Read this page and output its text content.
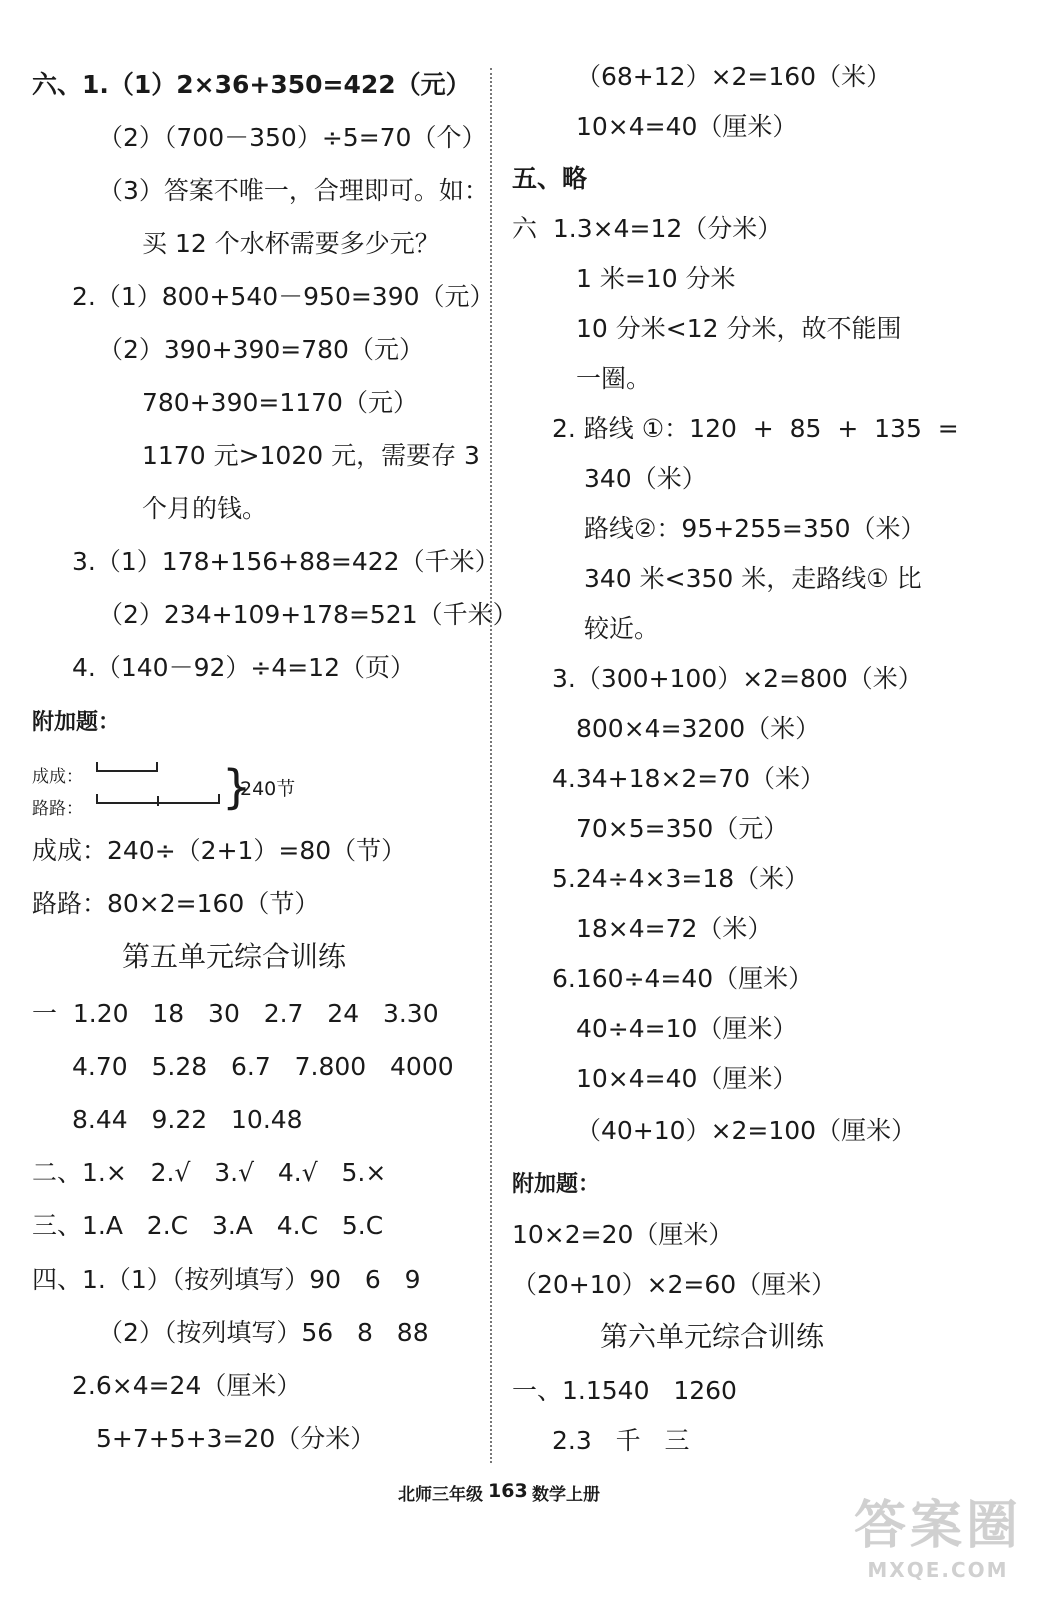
六、1.（1）2×36+350=422（元）
（2）（700－350）÷5=70（个）
（3）答案不唯一，合理即可。如：
买 12 个水杯需要多少元？
2.（1）800+540－950=390（元）
（2）390+390=780（元）
780+390=1170（元）
1170 元>1020 元，需要存 3
个月的钱。
3.（1）178+156+88=422（千米）
（2）234+109+178=521（千米）
4.（140－92）÷4=12（页）
附加题：
成成：
路路：	}
240节
成成：240÷（2+1）=80（节）
路路：80×2=160（节）
第五单元综合训练
一  1.20   18   30   2.7   24   3.30
4.70   5.28   6.7   7.800   4000
8.44   9.22   10.48
二、1.×   2.√   3.√   4.√   5.×
三、1.A   2.C   3.A   4.C   5.C
四、1.（1）（按列填写）90   6   9
（2）（按列填写）56   8   88
2.6×4=24（厘米）
5+7+5+3=20（分米）
（68+12）×2=160（米）
10×4=40（厘米）
五、略
六  1.3×4=12（分米）
1 米=10 分米
10 分米<12 分米，故不能围
一圈。
2. 路线 ①：120  +  85  +  135  =
340（米）
路线②：95+255=350（米）
340 米<350 米，走路线① 比
较近。
3.（300+100）×2=800（米）
800×4=3200（米）
4.34+18×2=70（米）
70×5=350（元）
5.24÷4×3=18（米）
18×4=72（米）
6.160÷4=40（厘米）
40÷4=10（厘米）
10×4=40（厘米）
（40+10）×2=100（厘米）
附加题：
10×2=20（厘米）
（20+10）×2=60（厘米）
第六单元综合训练
一、1.1540   1260
2.3   千   三
北师三年级 163 数学上册
答案圈
MXQE.COM
